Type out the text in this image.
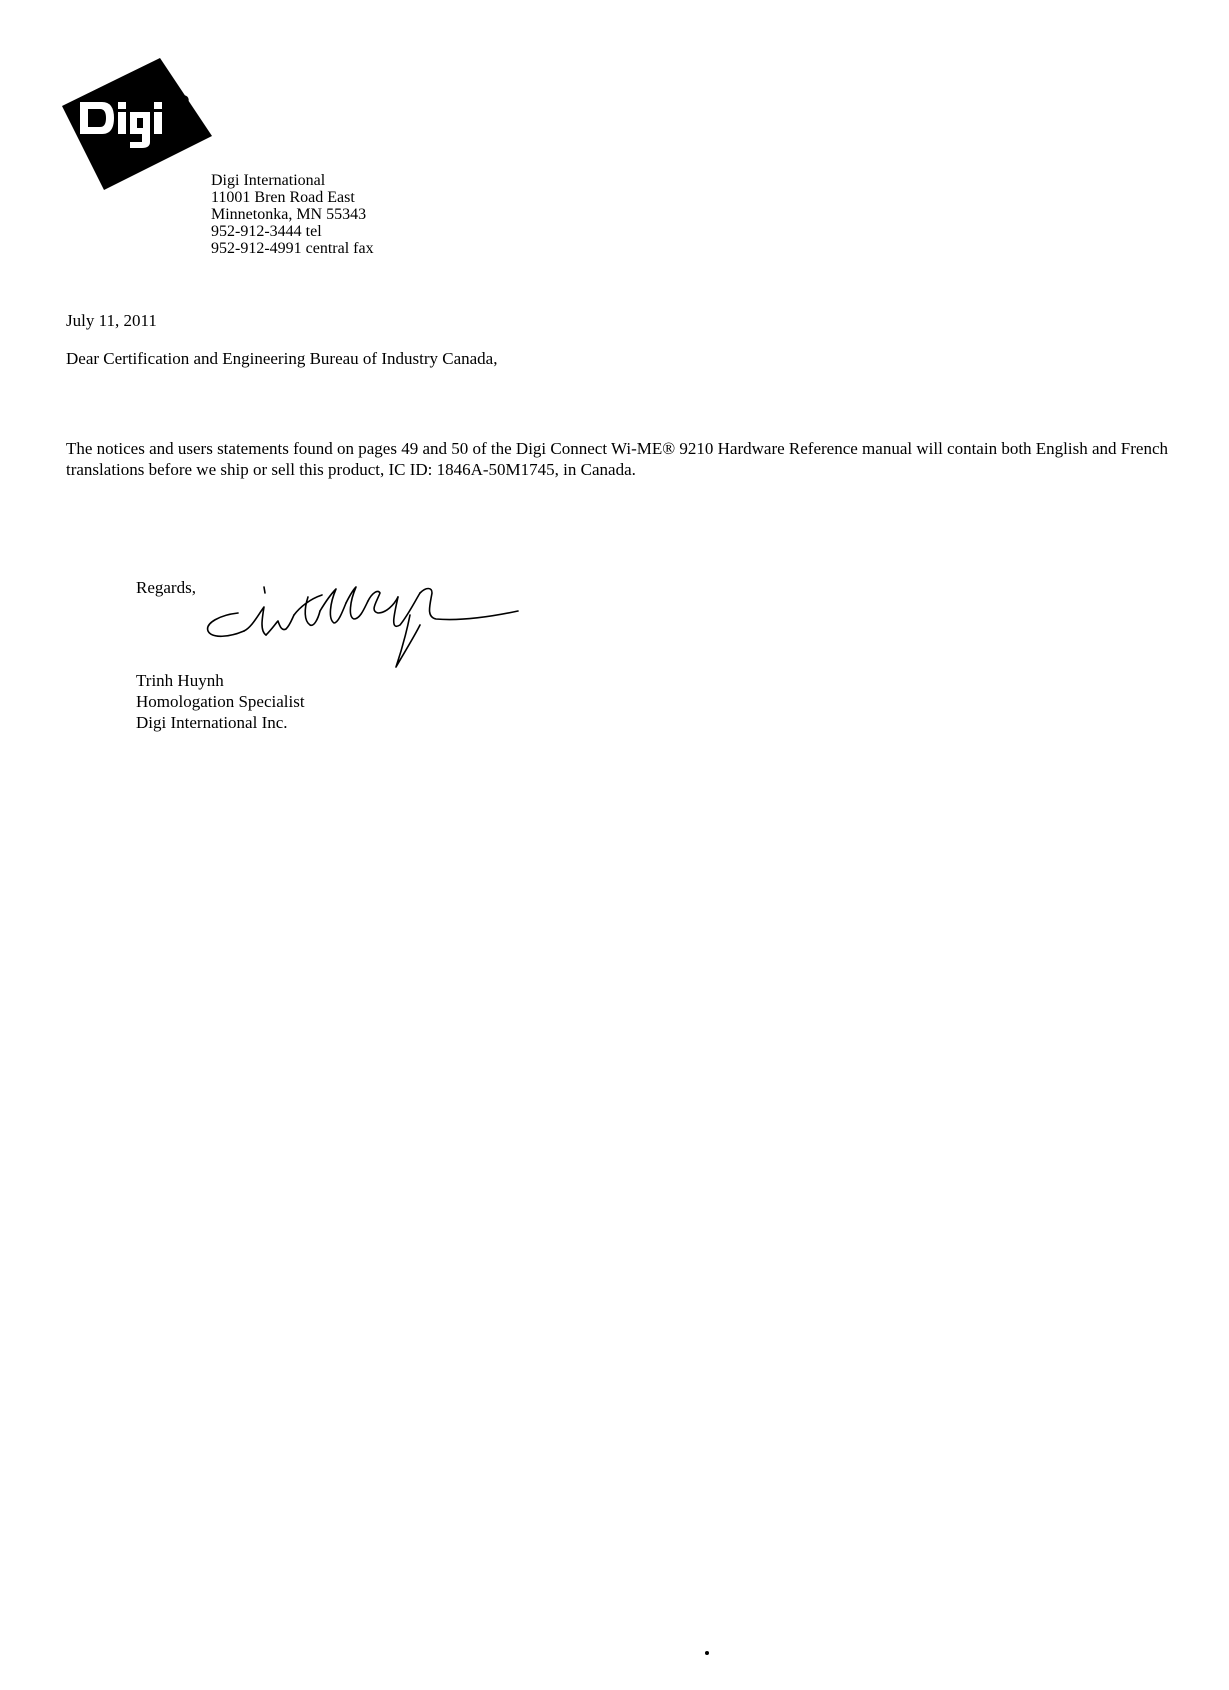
R
Digi International
11001 Bren Road East
Minnetonka, MN 55343
952-912-3444 tel
952-912-4991 central fax
July 11, 2011
Dear Certification and Engineering Bureau of Industry Canada,
The notices and users statements found on pages 49 and 50 of the Digi Connect Wi-ME® 9210 Hardware Reference manual will contain both English and French translations before we ship or sell this product, IC ID: 1846A-50M1745, in Canada.
Regards,
Trinh Huynh
Homologation Specialist
Digi International Inc.
